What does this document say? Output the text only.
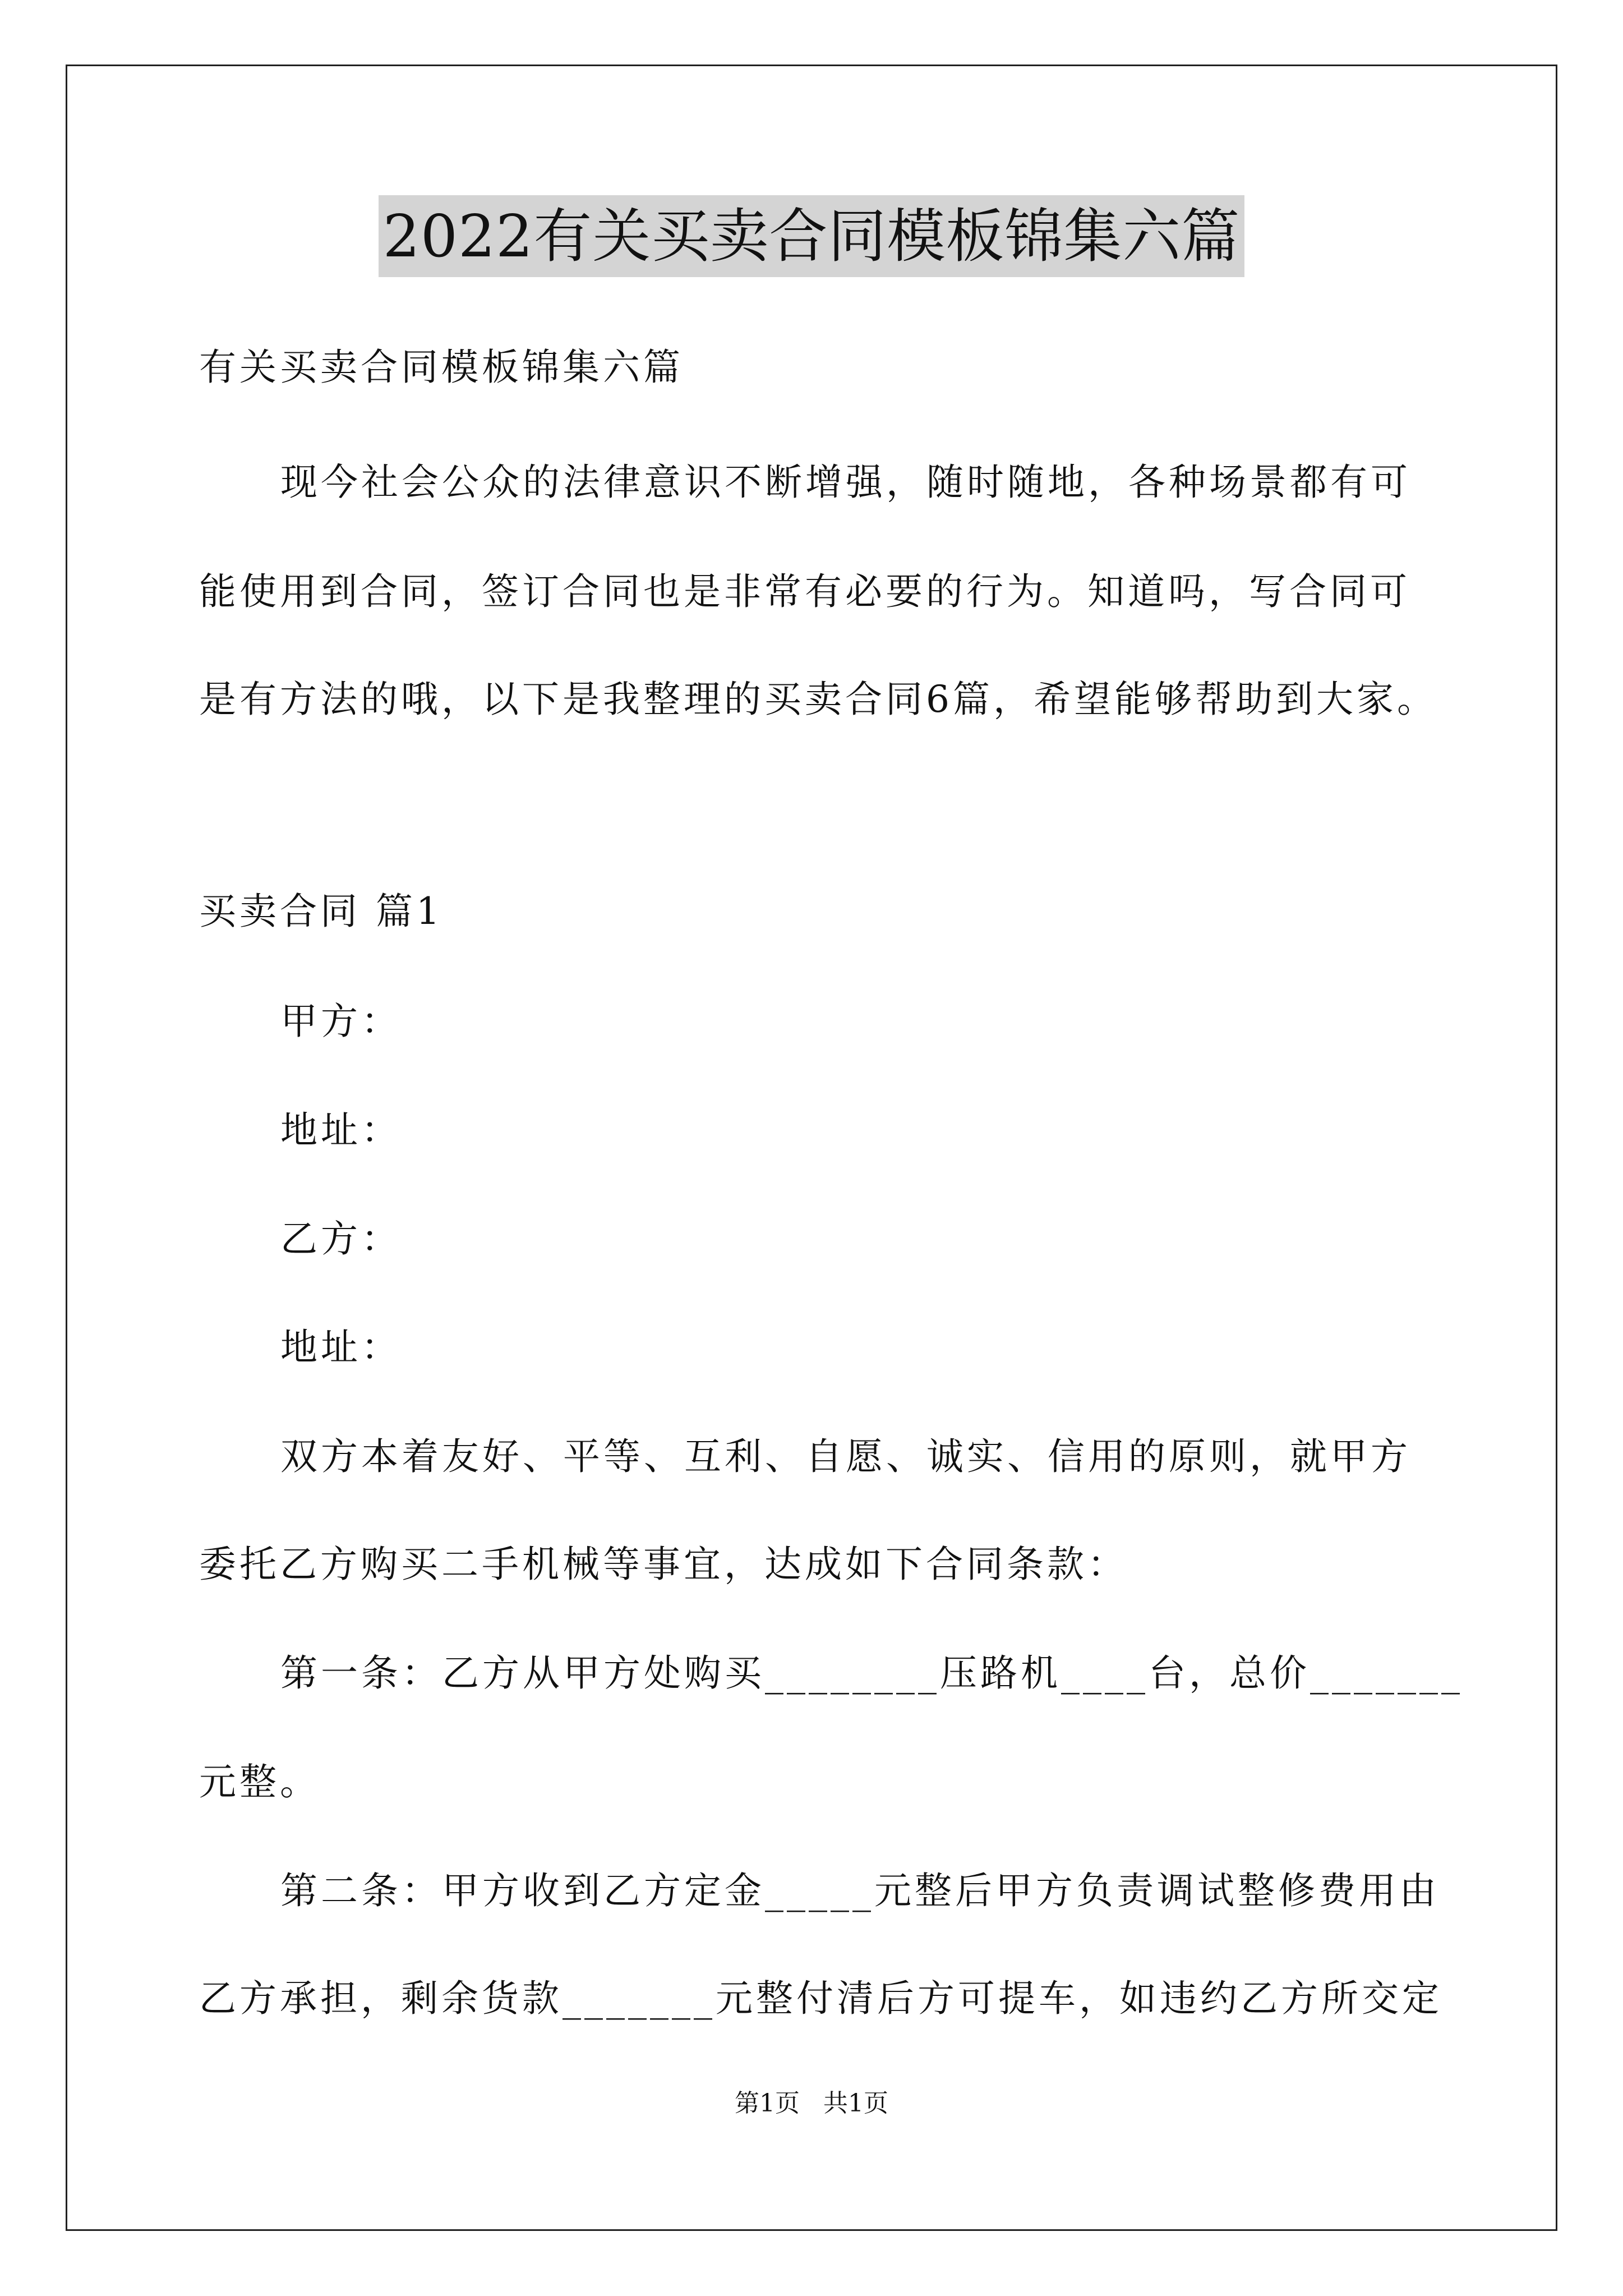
2022有关买卖合同模板锦集六篇
有关买卖合同模板锦集六篇
现今社会公众的法律意识不断增强，随时随地，各种场景都有可
能使用到合同，签订合同也是非常有必要的行为。知道吗，写合同可
是有方法的哦，以下是我整理的买卖合同6篇，希望能够帮助到大家。
买卖合同 篇1
甲方：
地址：
乙方：
地址：
双方本着友好、平等、互利、自愿、诚实、信用的原则，就甲方
委托乙方购买二手机械等事宜，达成如下合同条款：
第一条：乙方从甲方处购买________压路机____台，总价_______
元整。
第二条：甲方收到乙方定金_____元整后甲方负责调试整修费用由
乙方承担，剩余货款_______元整付清后方可提车，如违约乙方所交定
第1页   共1页
